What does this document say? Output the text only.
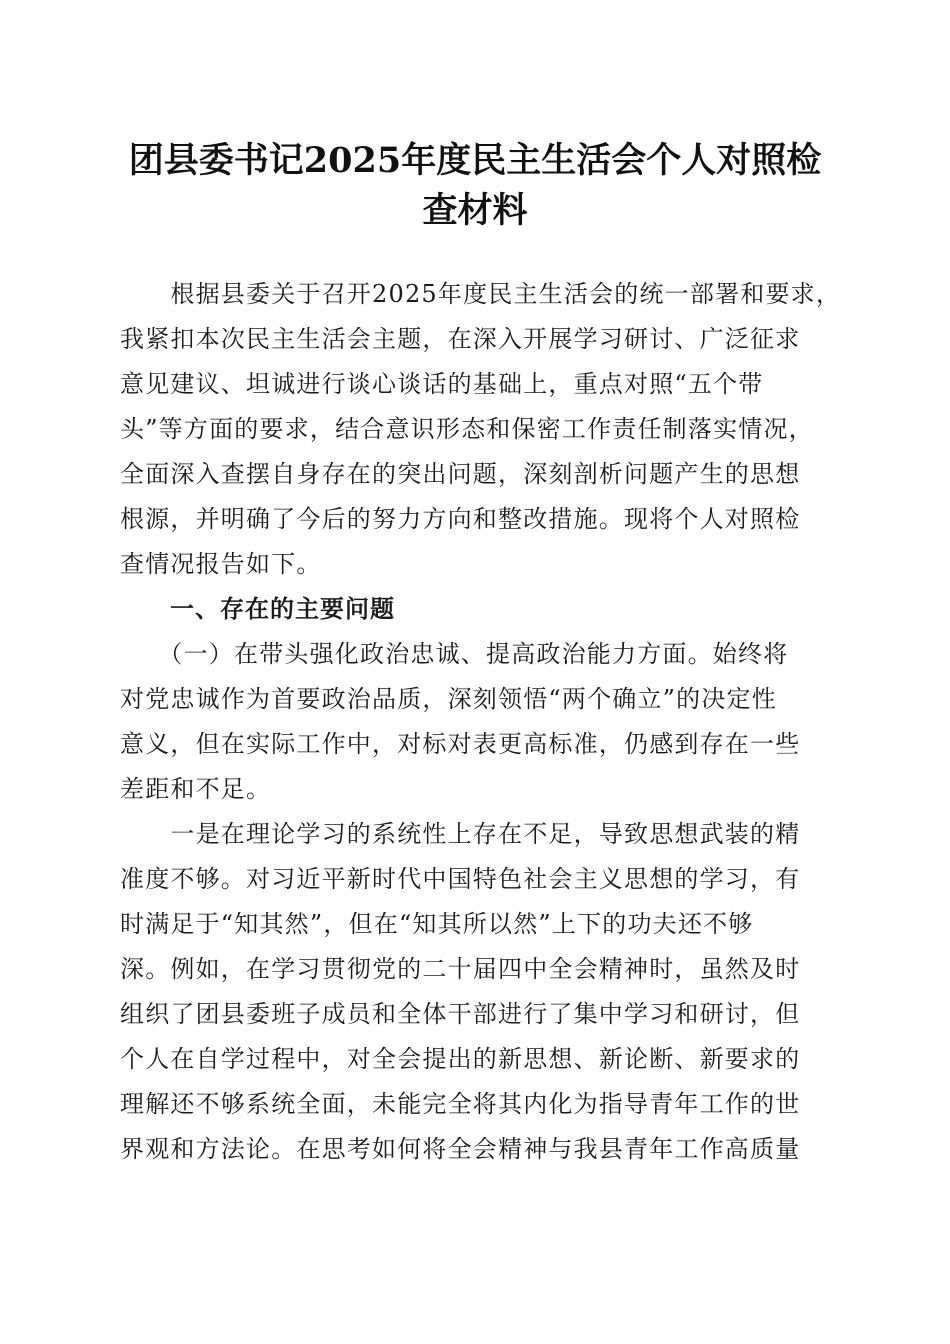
团县委书记2025年度民主生活会个人对照检
查材料
　　根据县委关于召开2025年度民主生活会的统一部署和要求，
我紧扣本次民主生活会主题，在深入开展学习研讨、广泛征求
意见建议、坦诚进行谈心谈话的基础上，重点对照“五个带
头”等方面的要求，结合意识形态和保密工作责任制落实情况，
全面深入查摆自身存在的突出问题，深刻剖析问题产生的思想
根源，并明确了今后的努力方向和整改措施。现将个人对照检
查情况报告如下。
　　一、存在的主要问题
　　（一）在带头强化政治忠诚、提高政治能力方面。始终将
对党忠诚作为首要政治品质，深刻领悟“两个确立”的决定性
意义，但在实际工作中，对标对表更高标准，仍感到存在一些
差距和不足。
　　一是在理论学习的系统性上存在不足，导致思想武装的精
准度不够。对习近平新时代中国特色社会主义思想的学习，有
时满足于“知其然”，但在“知其所以然”上下的功夫还不够
深。例如，在学习贯彻党的二十届四中全会精神时，虽然及时
组织了团县委班子成员和全体干部进行了集中学习和研讨，但
个人在自学过程中，对全会提出的新思想、新论断、新要求的
理解还不够系统全面，未能完全将其内化为指导青年工作的世
界观和方法论。在思考如何将全会精神与我县青年工作高质量
